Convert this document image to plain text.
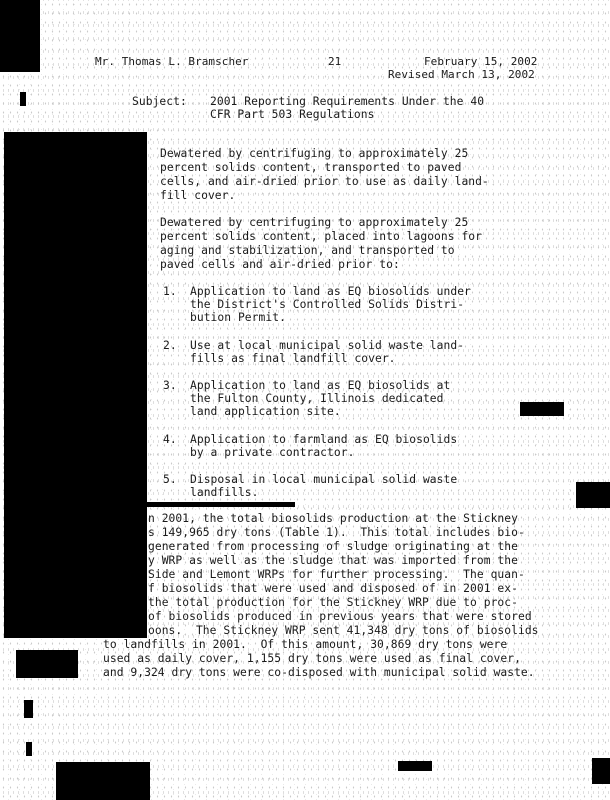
Mr. Thomas L. Bramscher	21	February 15, 2002
Revised March 13, 2002
Subject: 2001 Reporting Requirements Under the 40
CFR Part 503 Regulations
Dewatered by centrifuging to approximately 25
percent solids content, transported to paved
cells, and air-dried prior to use as daily land-
fill cover.
Dewatered by centrifuging to approximately 25
percent solids content, placed into lagoons for
aging and stabilization, and transported to
paved cells and air-dried prior to:
1. Application to land as EQ biosolids under
the District's Controlled Solids Distri-
bution Permit.
2. Use at local municipal solid waste land-
fills as final landfill cover.
3. Application to land as EQ biosolids at
the Fulton County, Illinois dedicated
land application site.
4. Application to farmland as EQ biosolids
by a private contractor.
5. Disposal in local municipal solid waste
landfills.
n 2001, the total biosolids production at the Stickney
s 149,965 dry tons (Table 1).  This total includes bio-
generated from processing of sludge originating at the
y WRP as well as the sludge that was imported from the
Side and Lemont WRPs for further processing.  The quan-
f biosolids that were used and disposed of in 2001 ex-
the total production for the Stickney WRP due to proc-
of biosolids produced in previous years that were stored
oons.  The Stickney WRP sent 41,348 dry tons of biosolids
to landfills in 2001.  Of this amount, 30,869 dry tons were
used as daily cover, 1,155 dry tons were used as final cover,
and 9,324 dry tons were co-disposed with municipal solid waste.
